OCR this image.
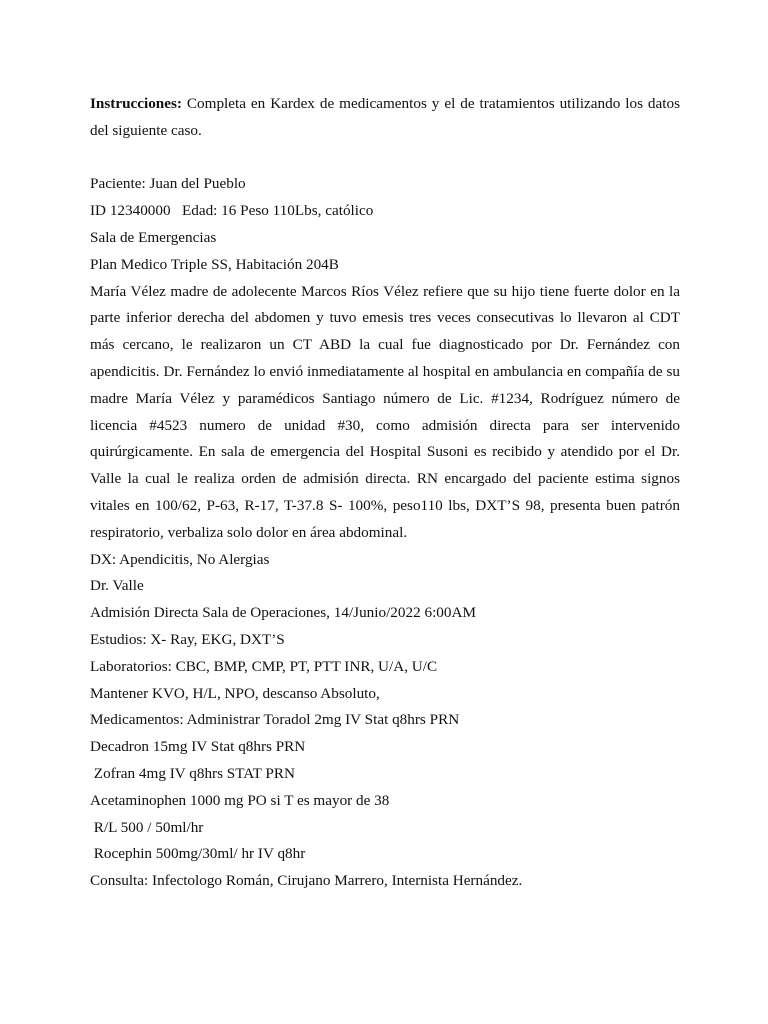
Instrucciones: Completa en Kardex de medicamentos y el de tratamientos utilizando los datos del siguiente caso.

Paciente: Juan del Pueblo
ID 12340000   Edad: 16 Peso 110Lbs, católico
Sala de Emergencias
Plan Medico Triple SS, Habitación 204B
María Vélez madre de adolecente Marcos Ríos Vélez refiere que su hijo tiene fuerte dolor en la parte inferior derecha del abdomen y tuvo emesis tres veces consecutivas lo llevaron al CDT más cercano, le realizaron un CT ABD la cual fue diagnosticado por Dr. Fernández con apendicitis. Dr. Fernández lo envió inmediatamente al hospital en ambulancia en compañía de su madre María Vélez y paramédicos Santiago número de Lic. #1234, Rodríguez número de licencia #4523 numero de unidad #30, como admisión directa para ser intervenido quirúrgicamente. En sala de emergencia del Hospital Susoni es recibido y atendido por el Dr. Valle la cual le realiza orden de admisión directa. RN encargado del paciente estima signos vitales en 100/62, P-63, R-17, T-37.8 S- 100%, peso110 lbs, DXT’S 98, presenta buen patrón respiratorio, verbaliza solo dolor en área abdominal.
DX: Apendicitis, No Alergias
Dr. Valle
Admisión Directa Sala de Operaciones, 14/Junio/2022 6:00AM
Estudios: X- Ray, EKG, DXT’S
Laboratorios: CBC, BMP, CMP, PT, PTT INR, U/A, U/C
Mantener KVO, H/L, NPO, descanso Absoluto,
Medicamentos: Administrar Toradol 2mg IV Stat q8hrs PRN
Decadron 15mg IV Stat q8hrs PRN
Zofran 4mg IV q8hrs STAT PRN
Acetaminophen 1000 mg PO si T es mayor de 38
R/L 500 / 50ml/hr
Rocephin 500mg/30ml/ hr IV q8hr
Consulta: Infectologo Román, Cirujano Marrero, Internista Hernández.
